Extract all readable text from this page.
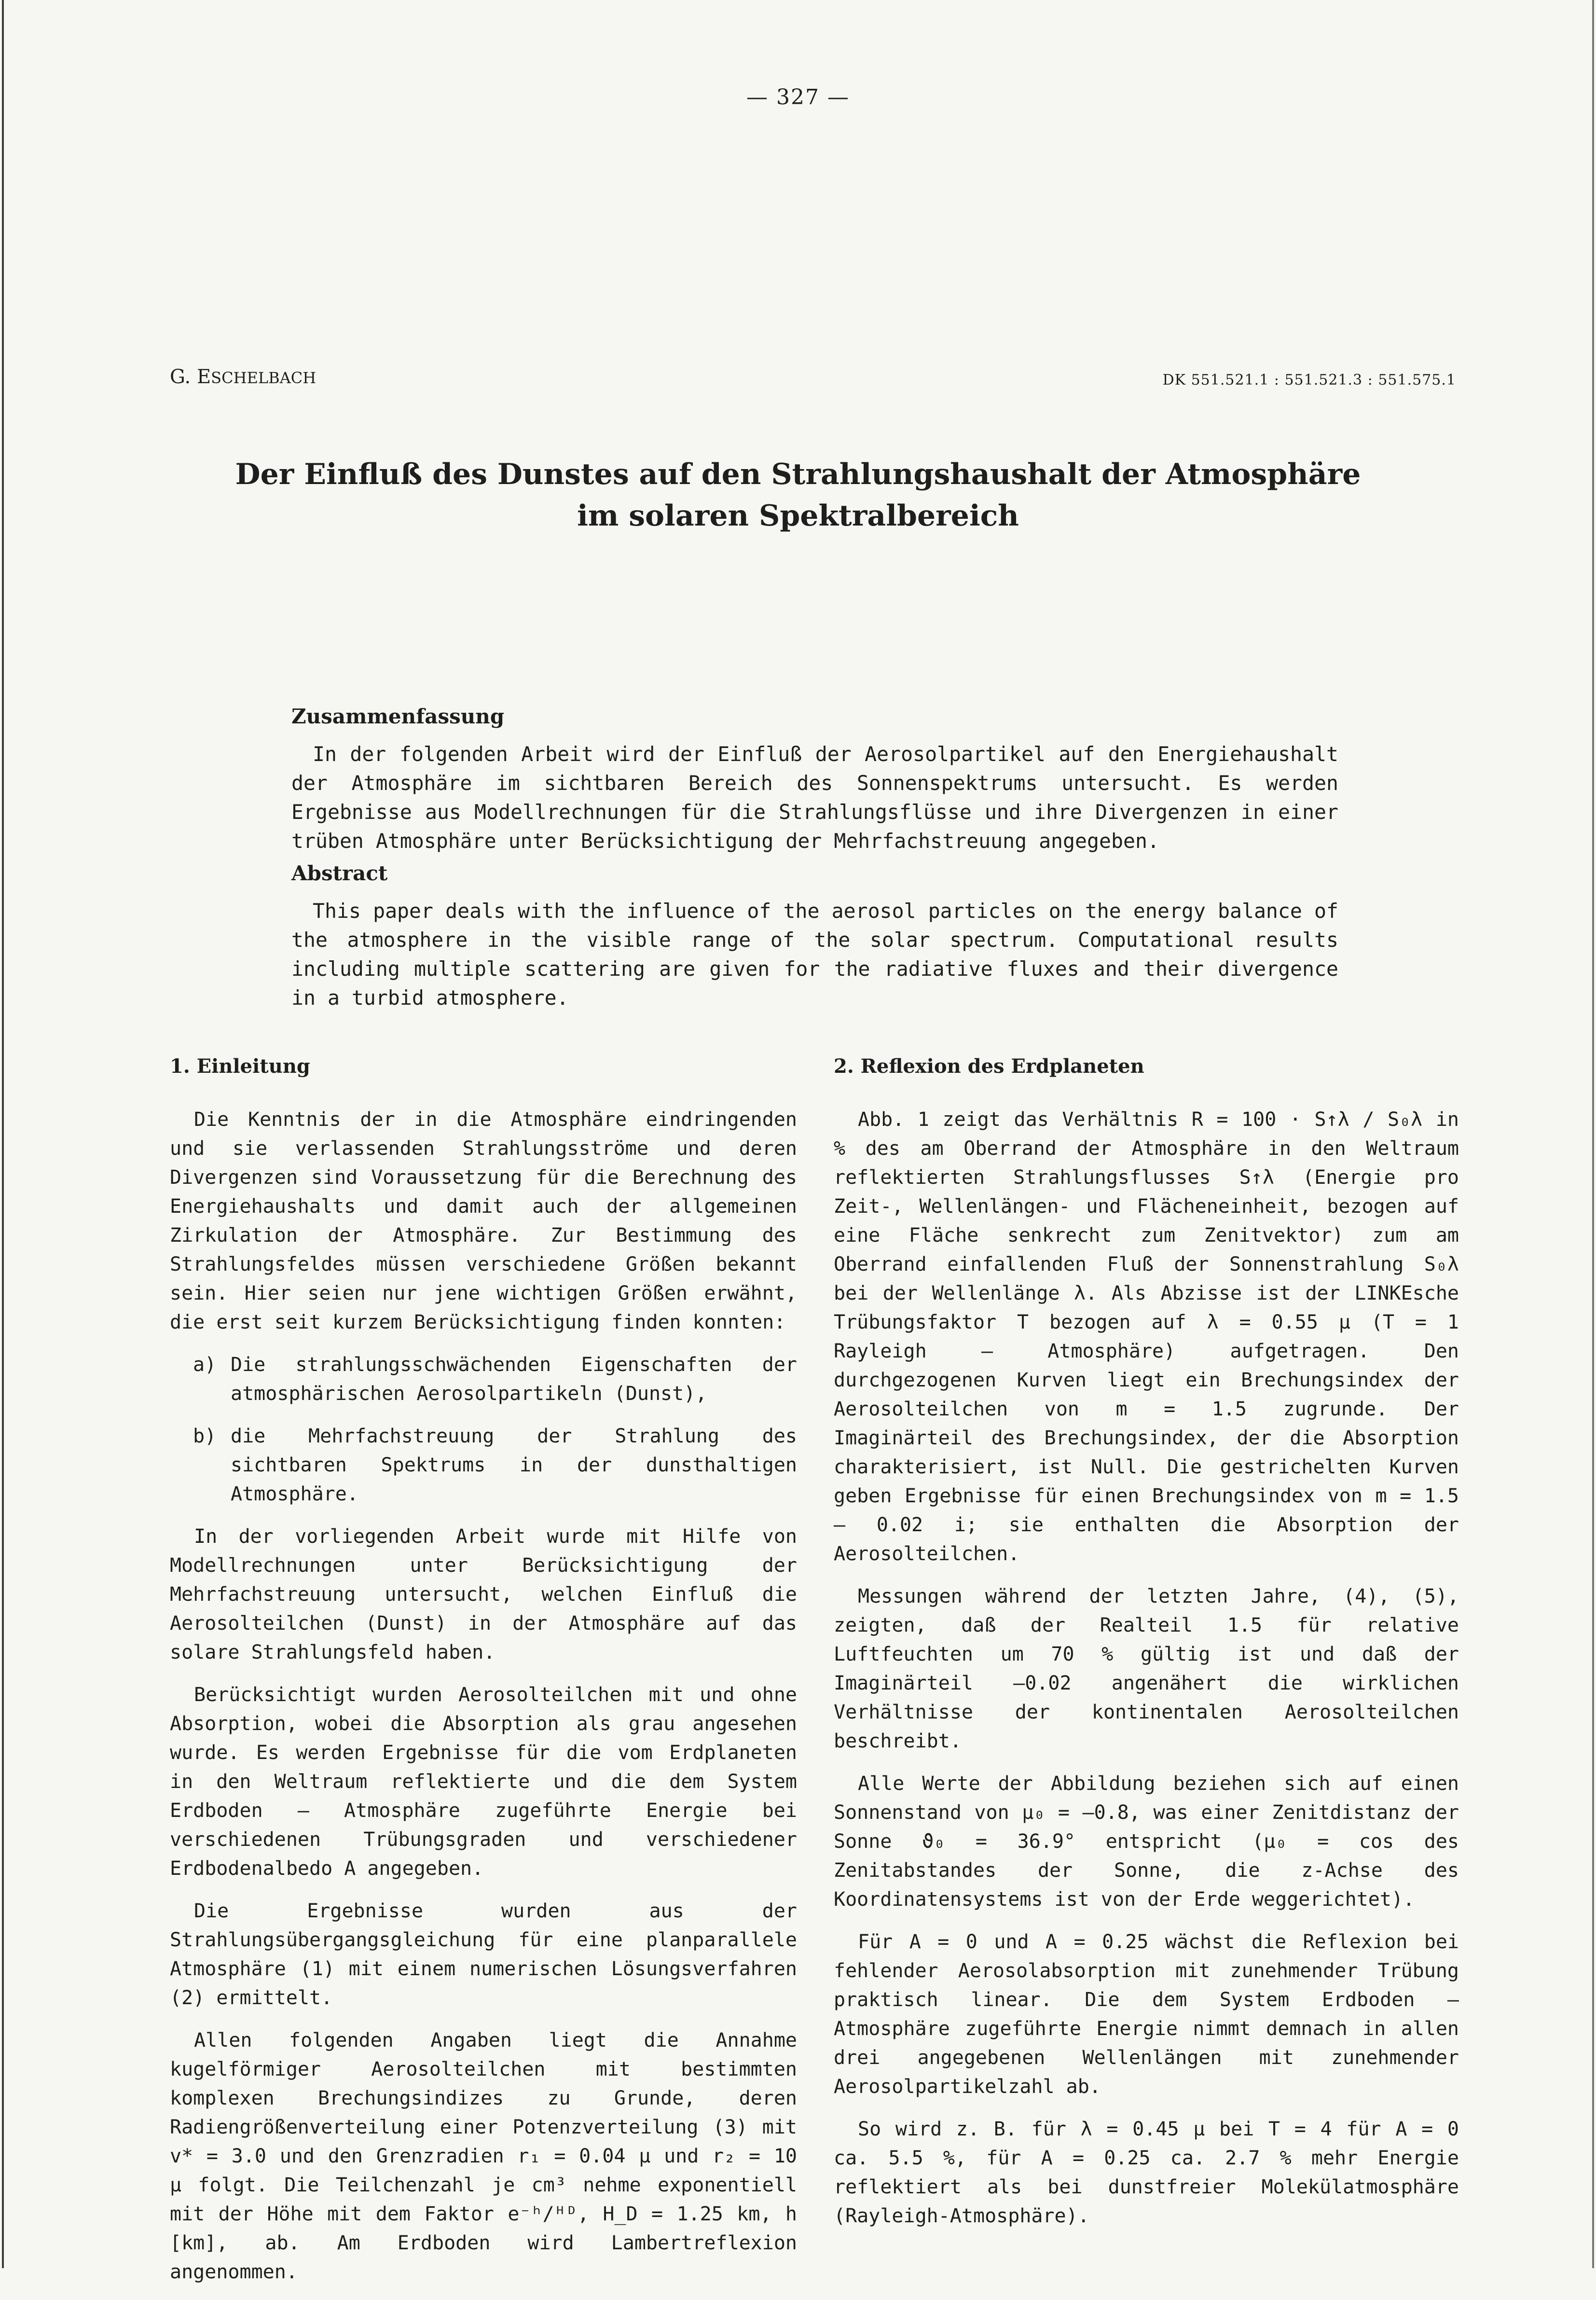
— 327 —
G. ESCHELBACH	DK 551.521.1 : 551.521.3 : 551.575.1
Der Einfluß des Dunstes auf den Strahlungshaushalt der Atmosphäre
im solaren Spektralbereich
Zusammenfassung

In der folgenden Arbeit wird der Einfluß der Aerosolpartikel auf den Energiehaushalt der Atmosphäre im sichtbaren Bereich des Sonnenspektrums untersucht. Es werden Ergebnisse aus Modellrechnungen für die Strahlungsflüsse und ihre Divergenzen in einer trüben Atmosphäre unter Berücksichtigung der Mehrfachstreuung angegeben.

Abstract

This paper deals with the influence of the aerosol particles on the energy balance of the atmosphere in the visible range of the solar spectrum. Computational results including multiple scattering are given for the radiative fluxes and their divergence in a turbid atmosphere.

1. Einleitung

Die Kenntnis der in die Atmosphäre eindringenden und sie verlassenden Strahlungsströme und deren Divergenzen sind Voraussetzung für die Berechnung des Energiehaushalts und damit auch der allgemeinen Zirkulation der Atmosphäre. Zur Bestimmung des Strahlungsfeldes müssen verschiedene Größen bekannt sein. Hier seien nur jene wichtigen Größen erwähnt, die erst seit kurzem Berücksichtigung finden konnten:

a) Die strahlungsschwächenden Eigenschaften der atmosphärischen Aerosolpartikeln (Dunst),
b) die Mehrfachstreuung der Strahlung des sichtbaren Spektrums in der dunsthaltigen Atmosphäre.

In der vorliegenden Arbeit wurde mit Hilfe von Modellrechnungen unter Berücksichtigung der Mehrfachstreuung untersucht, welchen Einfluß die Aerosolteilchen (Dunst) in der Atmosphäre auf das solare Strahlungsfeld haben.

Berücksichtigt wurden Aerosolteilchen mit und ohne Absorption, wobei die Absorption als grau angesehen wurde. Es werden Ergebnisse für die vom Erdplaneten in den Weltraum reflektierte und die dem System Erdboden — Atmosphäre zugeführte Energie bei verschiedenen Trübungsgraden und verschiedener Erdbodenalbedo A angegeben.

Die Ergebnisse wurden aus der Strahlungsübergangsgleichung für eine planparallele Atmosphäre (1) mit einem numerischen Lösungsverfahren (2) ermittelt.

Allen folgenden Angaben liegt die Annahme kugelförmiger Aerosolteilchen mit bestimmten komplexen Brechungsindizes zu Grunde, deren Radiengrößenverteilung einer Potenzverteilung (3) mit v* = 3.0 und den Grenzradien r₁ = 0.04 μ und r₂ = 10 μ folgt. Die Teilchenzahl je cm³ nehme exponentiell mit der Höhe mit dem Faktor e⁻ʰ/ᴴᴰ, H_D = 1.25 km, h [km], ab. Am Erdboden wird Lambertreflexion angenommen.

2. Reflexion des Erdplaneten

Abb. 1 zeigt das Verhältnis R = 100 · S↑λ / S₀λ in % des am Oberrand der Atmosphäre in den Weltraum reflektierten Strahlungsflusses S↑λ (Energie pro Zeit-, Wellenlängen- und Flächeneinheit, bezogen auf eine Fläche senkrecht zum Zenitvektor) zum am Oberrand einfallenden Fluß der Sonnenstrahlung S₀λ bei der Wellenlänge λ. Als Abzisse ist der LINKEsche Trübungsfaktor T bezogen auf λ = 0.55 μ (T = 1 Rayleigh — Atmosphäre) aufgetragen. Den durchgezogenen Kurven liegt ein Brechungsindex der Aerosolteilchen von m = 1.5 zugrunde. Der Imaginärteil des Brechungsindex, der die Absorption charakterisiert, ist Null. Die gestrichelten Kurven geben Ergebnisse für einen Brechungsindex von m = 1.5 — 0.02 i; sie enthalten die Absorption der Aerosolteilchen.

Messungen während der letzten Jahre, (4), (5), zeigten, daß der Realteil 1.5 für relative Luftfeuchten um 70 % gültig ist und daß der Imaginärteil —0.02 angenähert die wirklichen Verhältnisse der kontinentalen Aerosolteilchen beschreibt.

Alle Werte der Abbildung beziehen sich auf einen Sonnenstand von μ₀ = —0.8, was einer Zenitdistanz der Sonne ϑ₀ = 36.9° entspricht (μ₀ = cos des Zenitabstandes der Sonne, die z-Achse des Koordinatensystems ist von der Erde weggerichtet).

Für A = 0 und A = 0.25 wächst die Reflexion bei fehlender Aerosolabsorption mit zunehmender Trübung praktisch linear. Die dem System Erdboden — Atmosphäre zugeführte Energie nimmt demnach in allen drei angegebenen Wellenlängen mit zunehmender Aerosolpartikelzahl ab.

So wird z. B. für λ = 0.45 μ bei T = 4 für A = 0 ca. 5.5 %, für A = 0.25 ca. 2.7 % mehr Energie reflektiert als bei dunstfreier Molekülatmosphäre (Rayleigh-Atmosphäre).
